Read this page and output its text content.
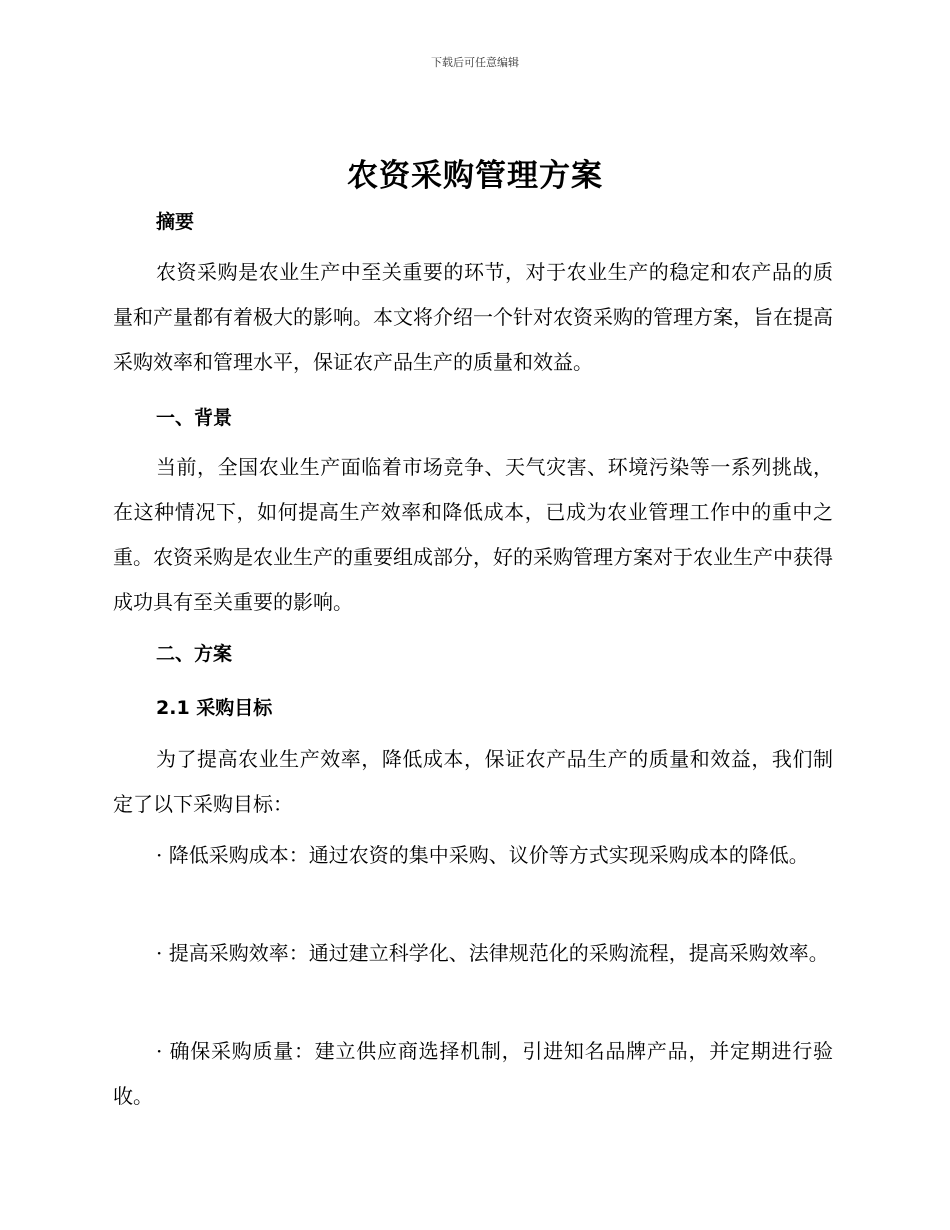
下载后可任意编辑
农资采购管理方案
摘要
农资采购是农业生产中至关重要的环节，对于农业生产的稳定和农产品的质量和产量都有着极大的影响。本文将介绍一个针对农资采购的管理方案，旨在提高采购效率和管理水平，保证农产品生产的质量和效益。
一、背景
当前，全国农业生产面临着市场竞争、天气灾害、环境污染等一系列挑战，在这种情况下，如何提高生产效率和降低成本，已成为农业管理工作中的重中之重。农资采购是农业生产的重要组成部分，好的采购管理方案对于农业生产中获得成功具有至关重要的影响。
二、方案
2.1 采购目标
为了提高农业生产效率，降低成本，保证农产品生产的质量和效益，我们制定了以下采购目标：
· 降低采购成本：通过农资的集中采购、议价等方式实现采购成本的降低。
· 提高采购效率：通过建立科学化、法律规范化的采购流程，提高采购效率。
· 确保采购质量：建立供应商选择机制，引进知名品牌产品，并定期进行验收。
